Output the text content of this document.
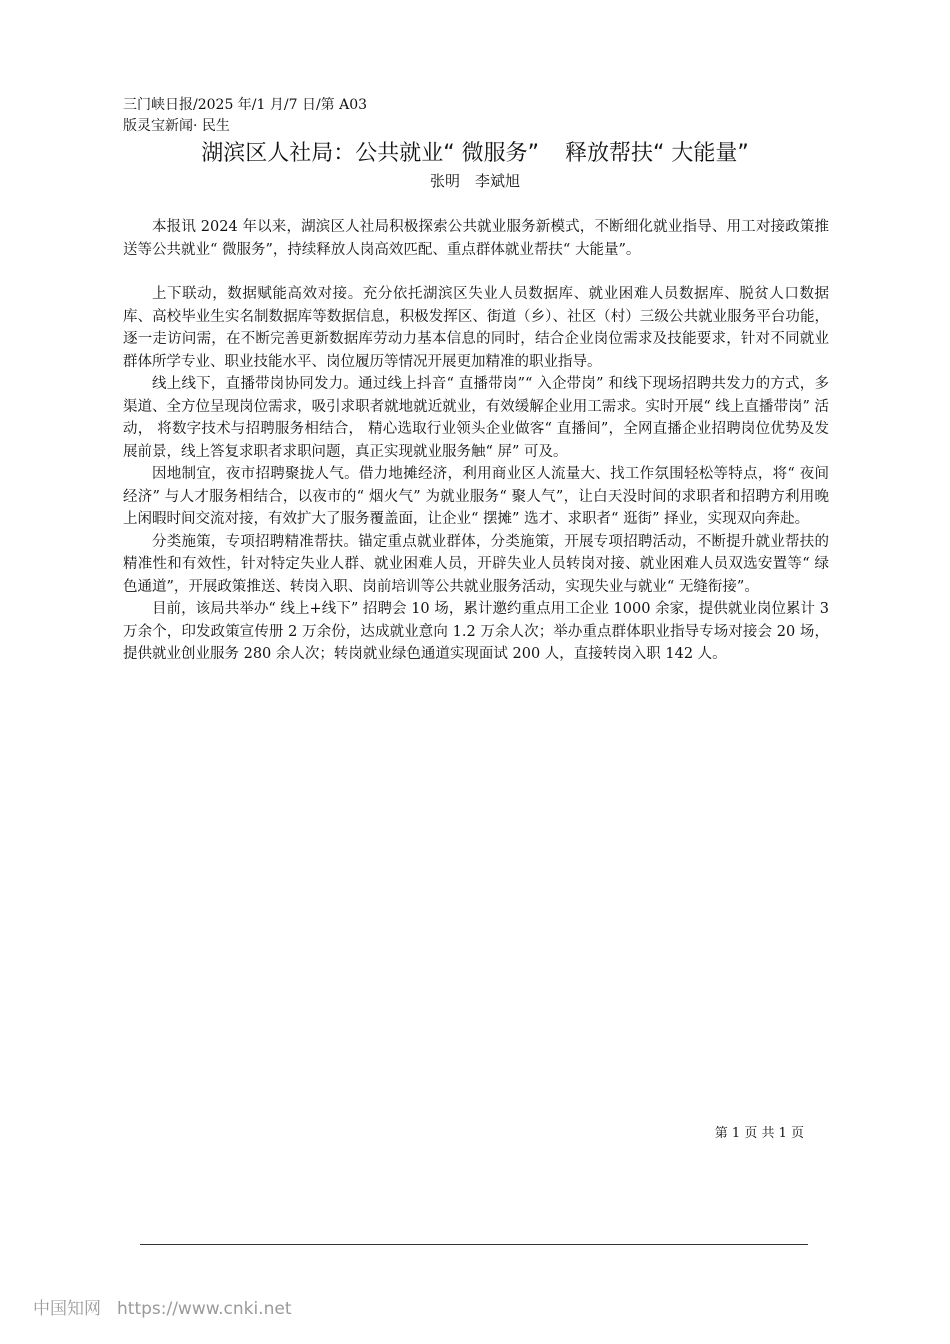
三门峡日报/2025 年/1 月/7 日/第 A03
版灵宝新闻· 民生
湖滨区人社局：公共就业“ 微服务” 释放帮扶“ 大能量”
张明　李斌旭

本报讯 2024 年以来，湖滨区人社局积极探索公共就业服务新模式，不断细化就业指导、用工对接政策推送等公共就业“ 微服务”，持续释放人岗高效匹配、重点群体就业帮扶“ 大能量”。

上下联动，数据赋能高效对接。充分依托湖滨区失业人员数据库、就业困难人员数据库、脱贫人口数据库、高校毕业生实名制数据库等数据信息，积极发挥区、街道（乡）、社区（村）三级公共就业服务平台功能，逐一走访问需，在不断完善更新数据库劳动力基本信息的同时，结合企业岗位需求及技能要求，针对不同就业群体所学专业、职业技能水平、岗位履历等情况开展更加精准的职业指导。

线上线下，直播带岗协同发力。通过线上抖音“ 直播带岗”“ 入企带岗” 和线下现场招聘共发力的方式，多渠道、全方位呈现岗位需求，吸引求职者就地就近就业，有效缓解企业用工需求。实时开展“ 线上直播带岗” 活动， 将数字技术与招聘服务相结合， 精心选取行业领头企业做客“ 直播间”，全网直播企业招聘岗位优势及发展前景，线上答复求职者求职问题，真正实现就业服务触“ 屏” 可及。

因地制宜，夜市招聘聚拢人气。借力地摊经济，利用商业区人流量大、找工作氛围轻松等特点，将“ 夜间经济” 与人才服务相结合，以夜市的“ 烟火气” 为就业服务“ 聚人气”，让白天没时间的求职者和招聘方利用晚上闲暇时间交流对接，有效扩大了服务覆盖面，让企业“ 摆摊” 选才、求职者“ 逛街” 择业，实现双向奔赴。

分类施策，专项招聘精准帮扶。锚定重点就业群体，分类施策，开展专项招聘活动，不断提升就业帮扶的精准性和有效性，针对特定失业人群、就业困难人员，开辟失业人员转岗对接、就业困难人员双选安置等“ 绿色通道”，开展政策推送、转岗入职、岗前培训等公共就业服务活动，实现失业与就业“ 无缝衔接”。

目前，该局共举办“ 线上+线下” 招聘会 10 场，累计邀约重点用工企业 1000 余家，提供就业岗位累计 3 万余个，印发政策宣传册 2 万余份，达成就业意向 1.2 万余人次；举办重点群体职业指导专场对接会 20 场，提供就业创业服务 280 余人次；转岗就业绿色通道实现面试 200 人，直接转岗入职 142 人。

第 1 页 共 1 页
中国知网 https://www.cnki.net
